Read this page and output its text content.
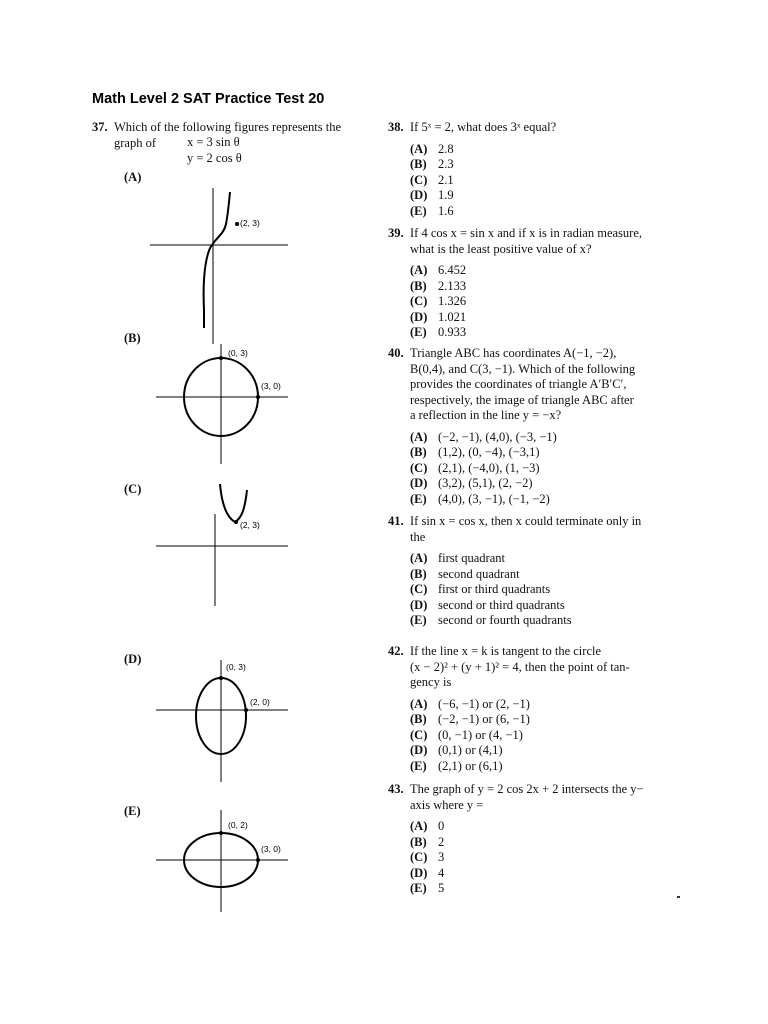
Math Level 2 SAT Practice Test 20
37. Which of the following figures represents the
graph of	x = 3 sin θ
y = 2 cos θ
(A)
(2, 3)
(B)
(0, 3)
(3, 0)
(C)
(2, 3)
(D)
(0, 3)
(2, 0)
(E)
(0, 2)
(3, 0)
38. If 5ˣ = 2, what does 3ˣ equal?
(A) 2.8
(B) 2.3
(C) 2.1
(D) 1.9
(E) 1.6
39. If 4 cos x = sin x and if x is in radian measure,
what is the least positive value of x?
(A) 6.452
(B) 2.133
(C) 1.326
(D) 1.021
(E) 0.933
40. Triangle ABC has coordinates A(−1, −2),
B(0,4), and C(3, −1). Which of the following
provides the coordinates of triangle A′B′C′,
respectively, the image of triangle ABC after
a reflection in the line y = −x?
(A) (−2, −1), (4,0), (−3, −1)
(B) (1,2), (0, −4), (−3,1)
(C) (2,1), (−4,0), (1, −3)
(D) (3,2), (5,1), (2, −2)
(E) (4,0), (3, −1), (−1, −2)
41. If sin x = cos x, then x could terminate only in
the
(A) first quadrant
(B) second quadrant
(C) first or third quadrants
(D) second or third quadrants
(E) second or fourth quadrants
42. If the line x = k is tangent to the circle
(x − 2)² + (y + 1)² = 4, then the point of tan-
gency is
(A) (−6, −1) or (2, −1)
(B) (−2, −1) or (6, −1)
(C) (0, −1) or (4, −1)
(D) (0,1) or (4,1)
(E) (2,1) or (6,1)
43. The graph of y = 2 cos 2x + 2 intersects the y−
axis where y =
(A) 0
(B) 2
(C) 3
(D) 4
(E) 5
